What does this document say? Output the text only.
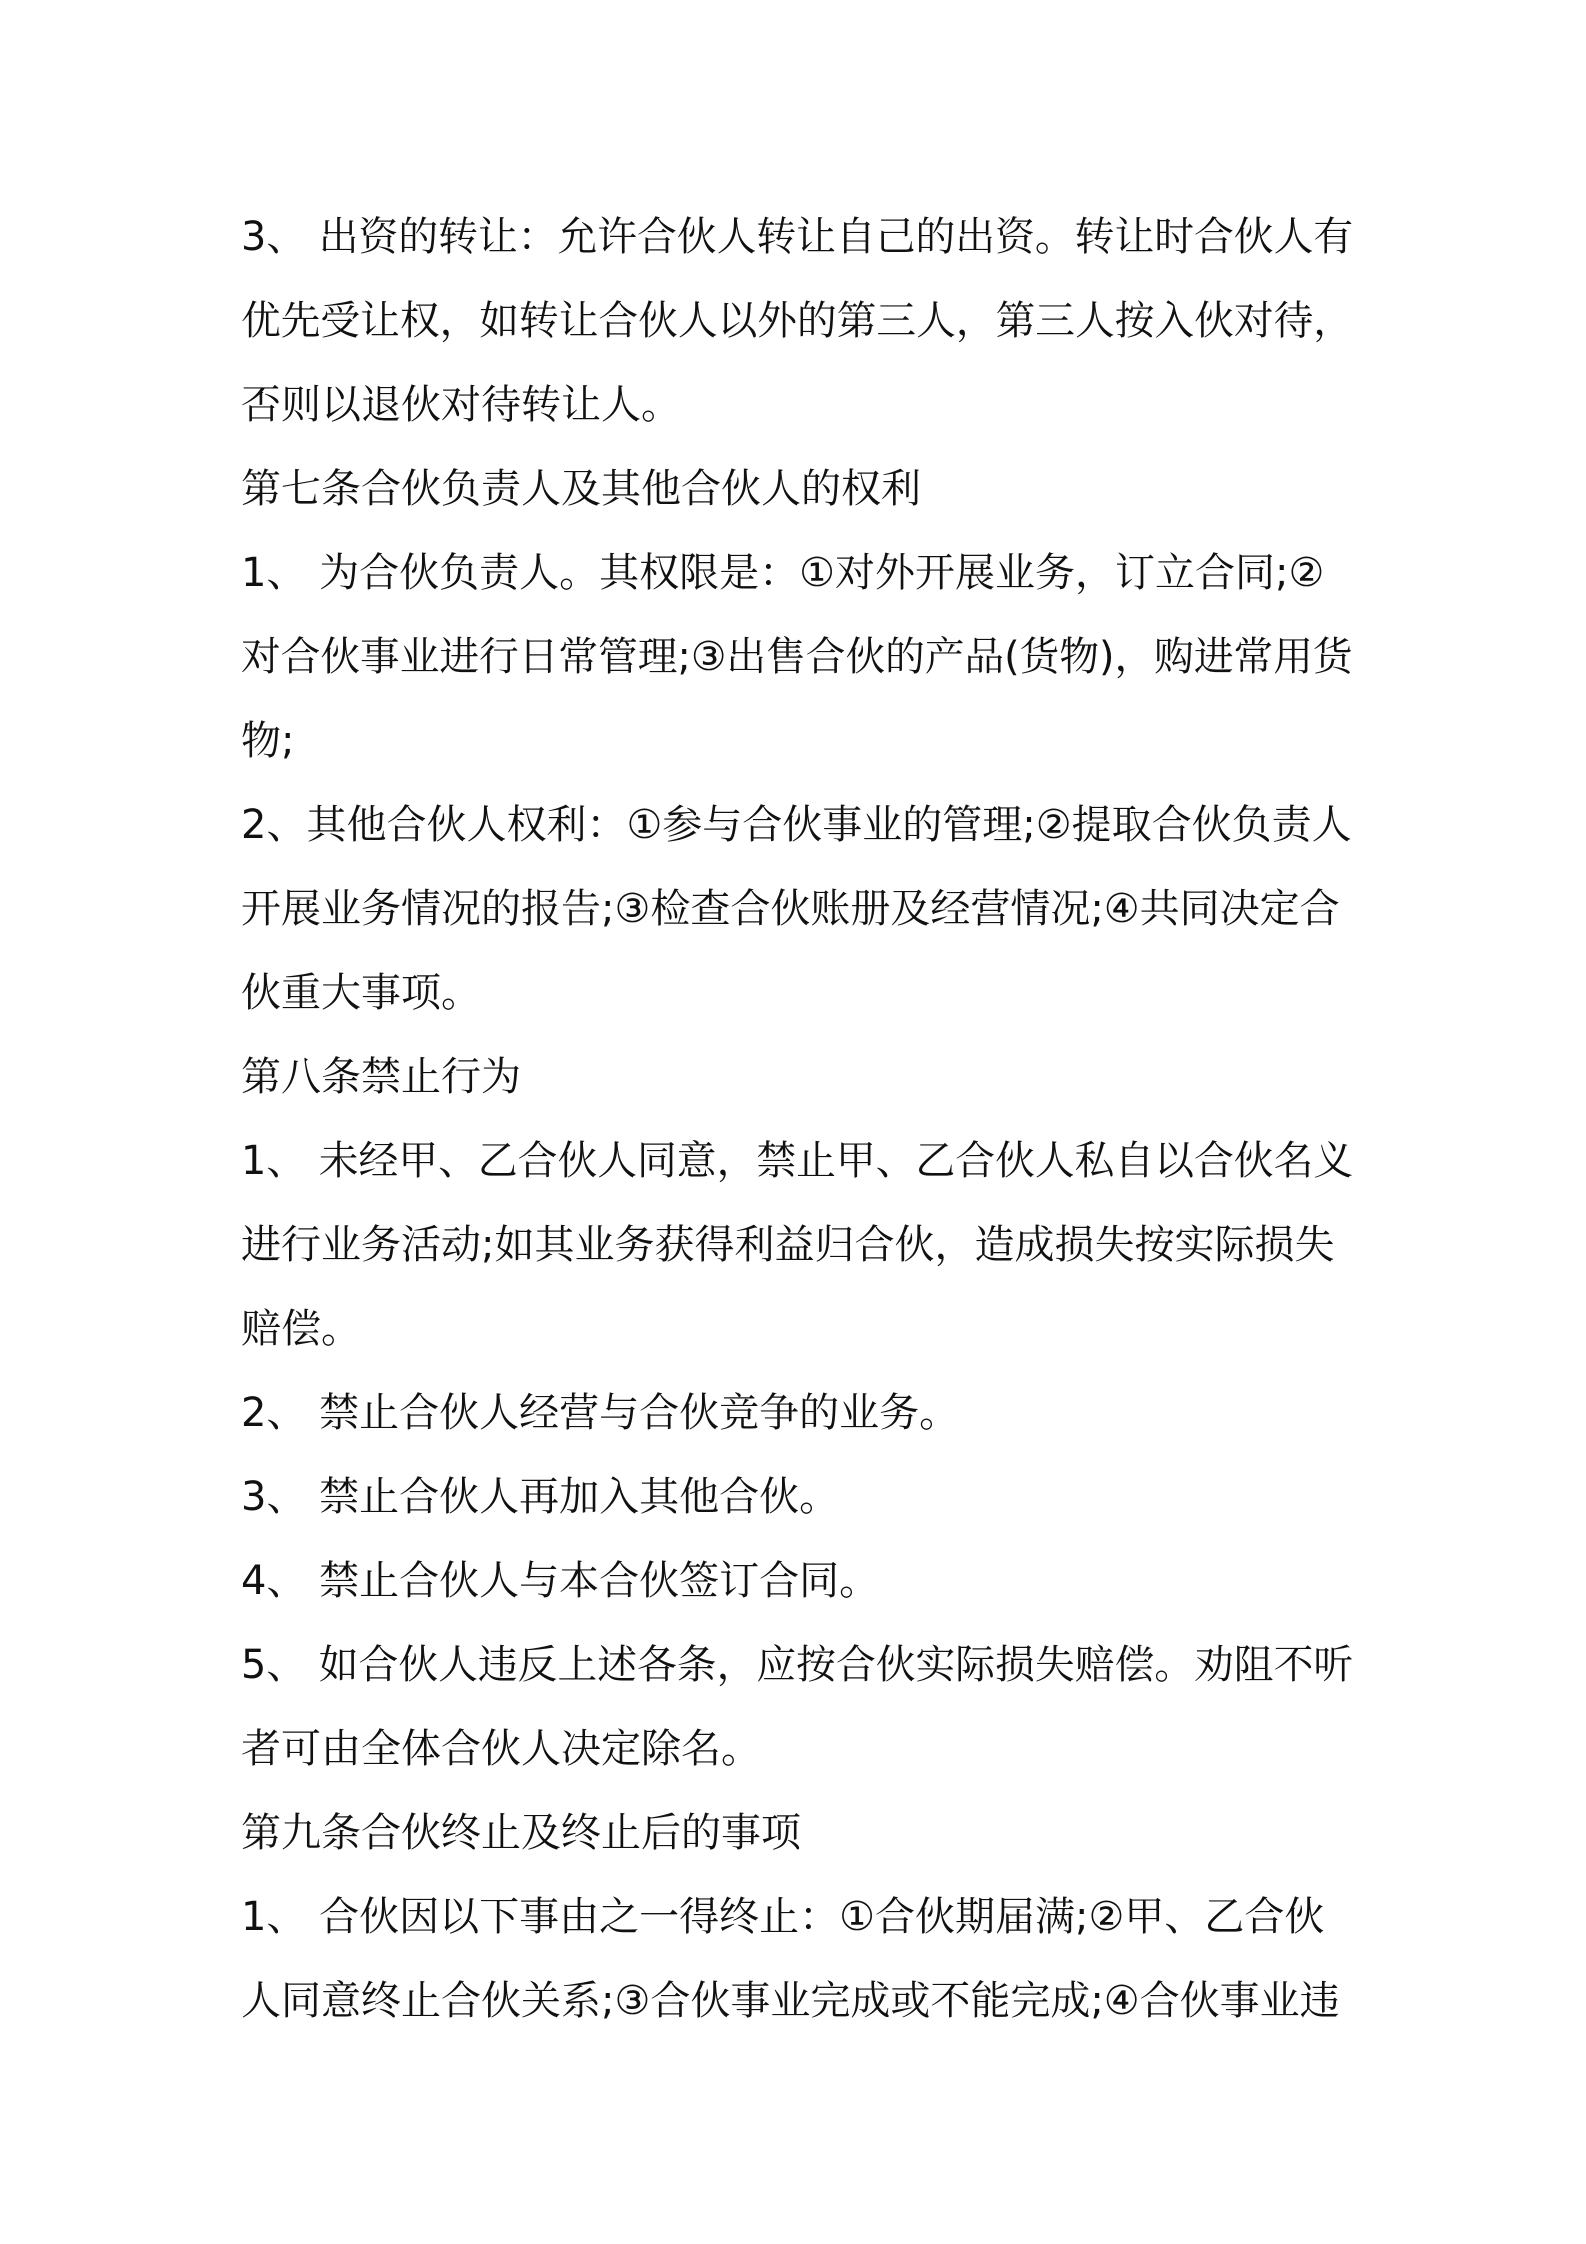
3、 出资的转让：允许合伙人转让自己的出资。转让时合伙人有
优先受让权，如转让合伙人以外的第三人，第三人按入伙对待，
否则以退伙对待转让人。
第七条合伙负责人及其他合伙人的权利
1、 为合伙负责人。其权限是：①对外开展业务，订立合同;②
对合伙事业进行日常管理;③出售合伙的产品(货物)，购进常用货
物;
2、其他合伙人权利：①参与合伙事业的管理;②提取合伙负责人
开展业务情况的报告;③检查合伙账册及经营情况;④共同决定合
伙重大事项。
第八条禁止行为
1、 未经甲、乙合伙人同意，禁止甲、乙合伙人私自以合伙名义
进行业务活动;如其业务获得利益归合伙，造成损失按实际损失
赔偿。
2、 禁止合伙人经营与合伙竞争的业务。
3、 禁止合伙人再加入其他合伙。
4、 禁止合伙人与本合伙签订合同。
5、 如合伙人违反上述各条，应按合伙实际损失赔偿。劝阻不听
者可由全体合伙人决定除名。
第九条合伙终止及终止后的事项
1、 合伙因以下事由之一得终止：①合伙期届满;②甲、乙合伙
人同意终止合伙关系;③合伙事业完成或不能完成;④合伙事业违
